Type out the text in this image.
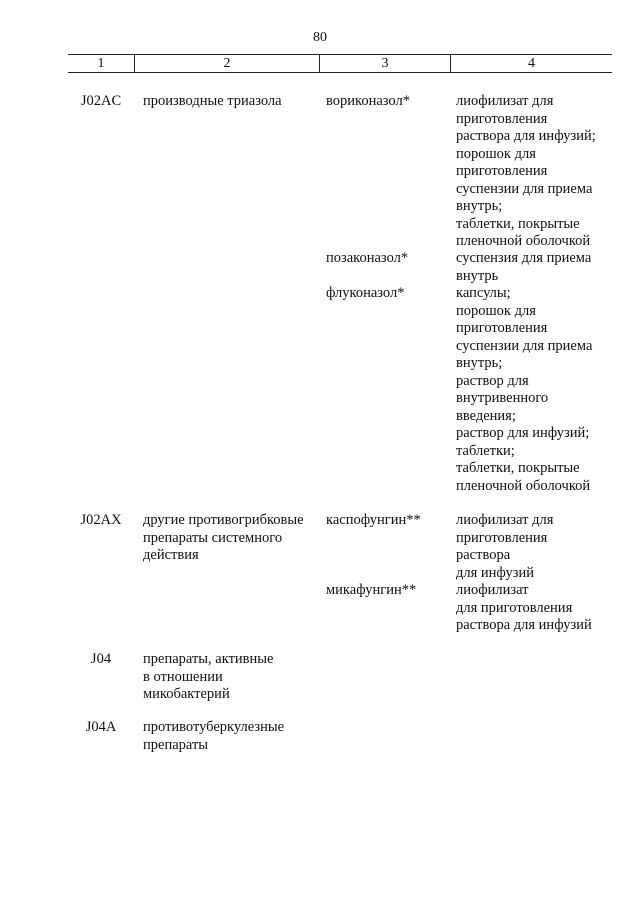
80
1	2	3	4
J02AC	производные триазола	вориконазол*	лиофилизат для
приготовления
раствора для инфузий;
порошок для
приготовления
суспензии для приема
внутрь;
таблетки, покрытые
пленочной оболочкой
позаконазол*	суспензия для приема
внутрь
флуконазол*	капсулы;
порошок для
приготовления
суспензии для приема
внутрь;
раствор для
внутривенного
введения;
раствор для инфузий;
таблетки;
таблетки, покрытые
пленочной оболочкой
J02AX	другие противогрибковые
препараты системного
действия
каспофунгин** лиофилизат для
приготовления
раствора
для инфузий
микафунгин**	лиофилизат
для приготовления
раствора для инфузий
J04	препараты, активные
в отношении
микобактерий
J04A	противотуберкулезные
препараты
